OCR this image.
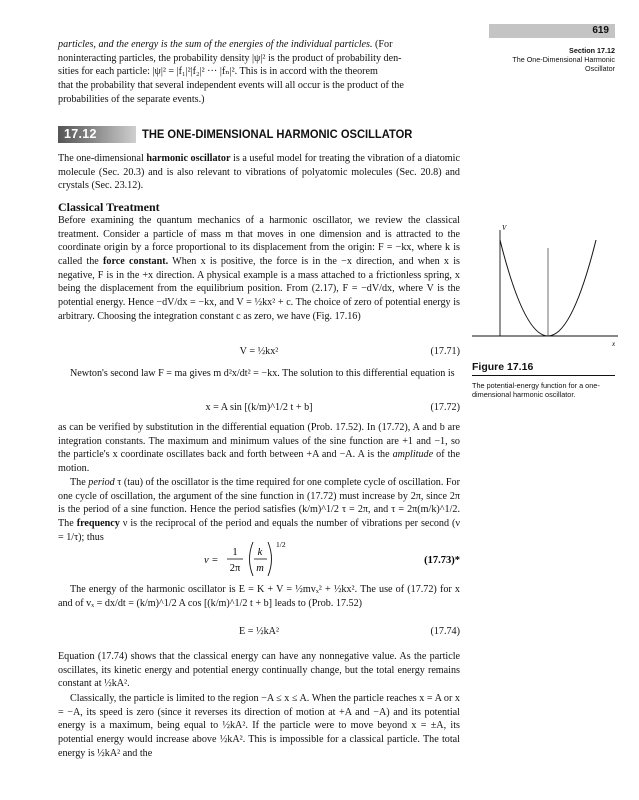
619
Section 17.12
The One-Dimensional Harmonic
Oscillator

particles, and the energy is the sum of the energies of the individual particles. (For

noninteracting particles, the probability density |ψ|² is the product of probability den-

sities for each particle: |ψ|² = |f₁|²|f₂|² ··· |fₙ|². This is in accord with the theorem

that the probability that several independent events will all occur is the product of the

probabilities of the separate events.)

17.12	THE ONE-DIMENSIONAL HARMONIC OSCILLATOR
The one-dimensional harmonic oscillator is a useful model for treating the vibration of a diatomic molecule (Sec. 20.3) and is also relevant to vibrations of polyatomic molecules (Sec. 20.8) and crystals (Sec. 23.12).
Classical Treatment
Before examining the quantum mechanics of a harmonic oscillator, we review the classical treatment. Consider a particle of mass m that moves in one dimension and is attracted to the coordinate origin by a force proportional to its displacement from the origin: F = −kx, where k is called the force constant. When x is positive, the force is in the −x direction, and when x is negative, F is in the +x direction. A physical example is a mass attached to a frictionless spring, x being the displacement from the equilibrium position. From (2.17), F = −dV/dx, where V is the potential energy. Hence −dV/dx = −kx, and V = ½kx² + c. The choice of zero of potential energy is arbitrary. Choosing the integration constant c as zero, we have (Fig. 17.16)
V = ½kx²	(17.71)
Newton's second law F = ma gives m d²x/dt² = −kx. The solution to this differential equation is
x = A sin [(k/m)^1/2 t + b]	(17.72)
as can be verified by substitution in the differential equation (Prob. 17.52). In (17.72), A and b are integration constants. The maximum and minimum values of the sine function are +1 and −1, so the particle's x coordinate oscillates back and forth between +A and −A. A is the amplitude of the motion.
The period τ (tau) of the oscillator is the time required for one complete cycle of oscillation. For one cycle of oscillation, the argument of the sine function in (17.72) must increase by 2π, since 2π is the period of a sine function. Hence the period satisfies (k/m)^1/2 τ = 2π, and τ = 2π(m/k)^1/2. The frequency ν is the reciprocal of the period and equals the number of vibrations per second (ν = 1/τ); thus
ν =
1
2π
k
m
1/2
(17.73)*
The energy of the harmonic oscillator is E = K + V = ½mvₓ² + ½kx². The use of (17.72) for x and of vₓ = dx/dt = (k/m)^1/2 A cos [(k/m)^1/2 t + b] leads to (Prob. 17.52)
E = ½kA²	(17.74)
Equation (17.74) shows that the classical energy can have any nonnegative value. As the particle oscillates, its kinetic energy and potential energy continually change, but the total energy remains constant at ½kA².
Classically, the particle is limited to the region −A ≤ x ≤ A. When the particle reaches x = A or x = −A, its speed is zero (since it reverses its direction of motion at +A and −A) and its potential energy is a maximum, being equal to ½kA². If the particle were to move beyond x = ±A, its potential energy would increase above ½kA². This is impossible for a classical particle. The total energy is ½kA² and the
V
x
Figure 17.16
The potential-energy function for a one-dimensional harmonic oscillator.
